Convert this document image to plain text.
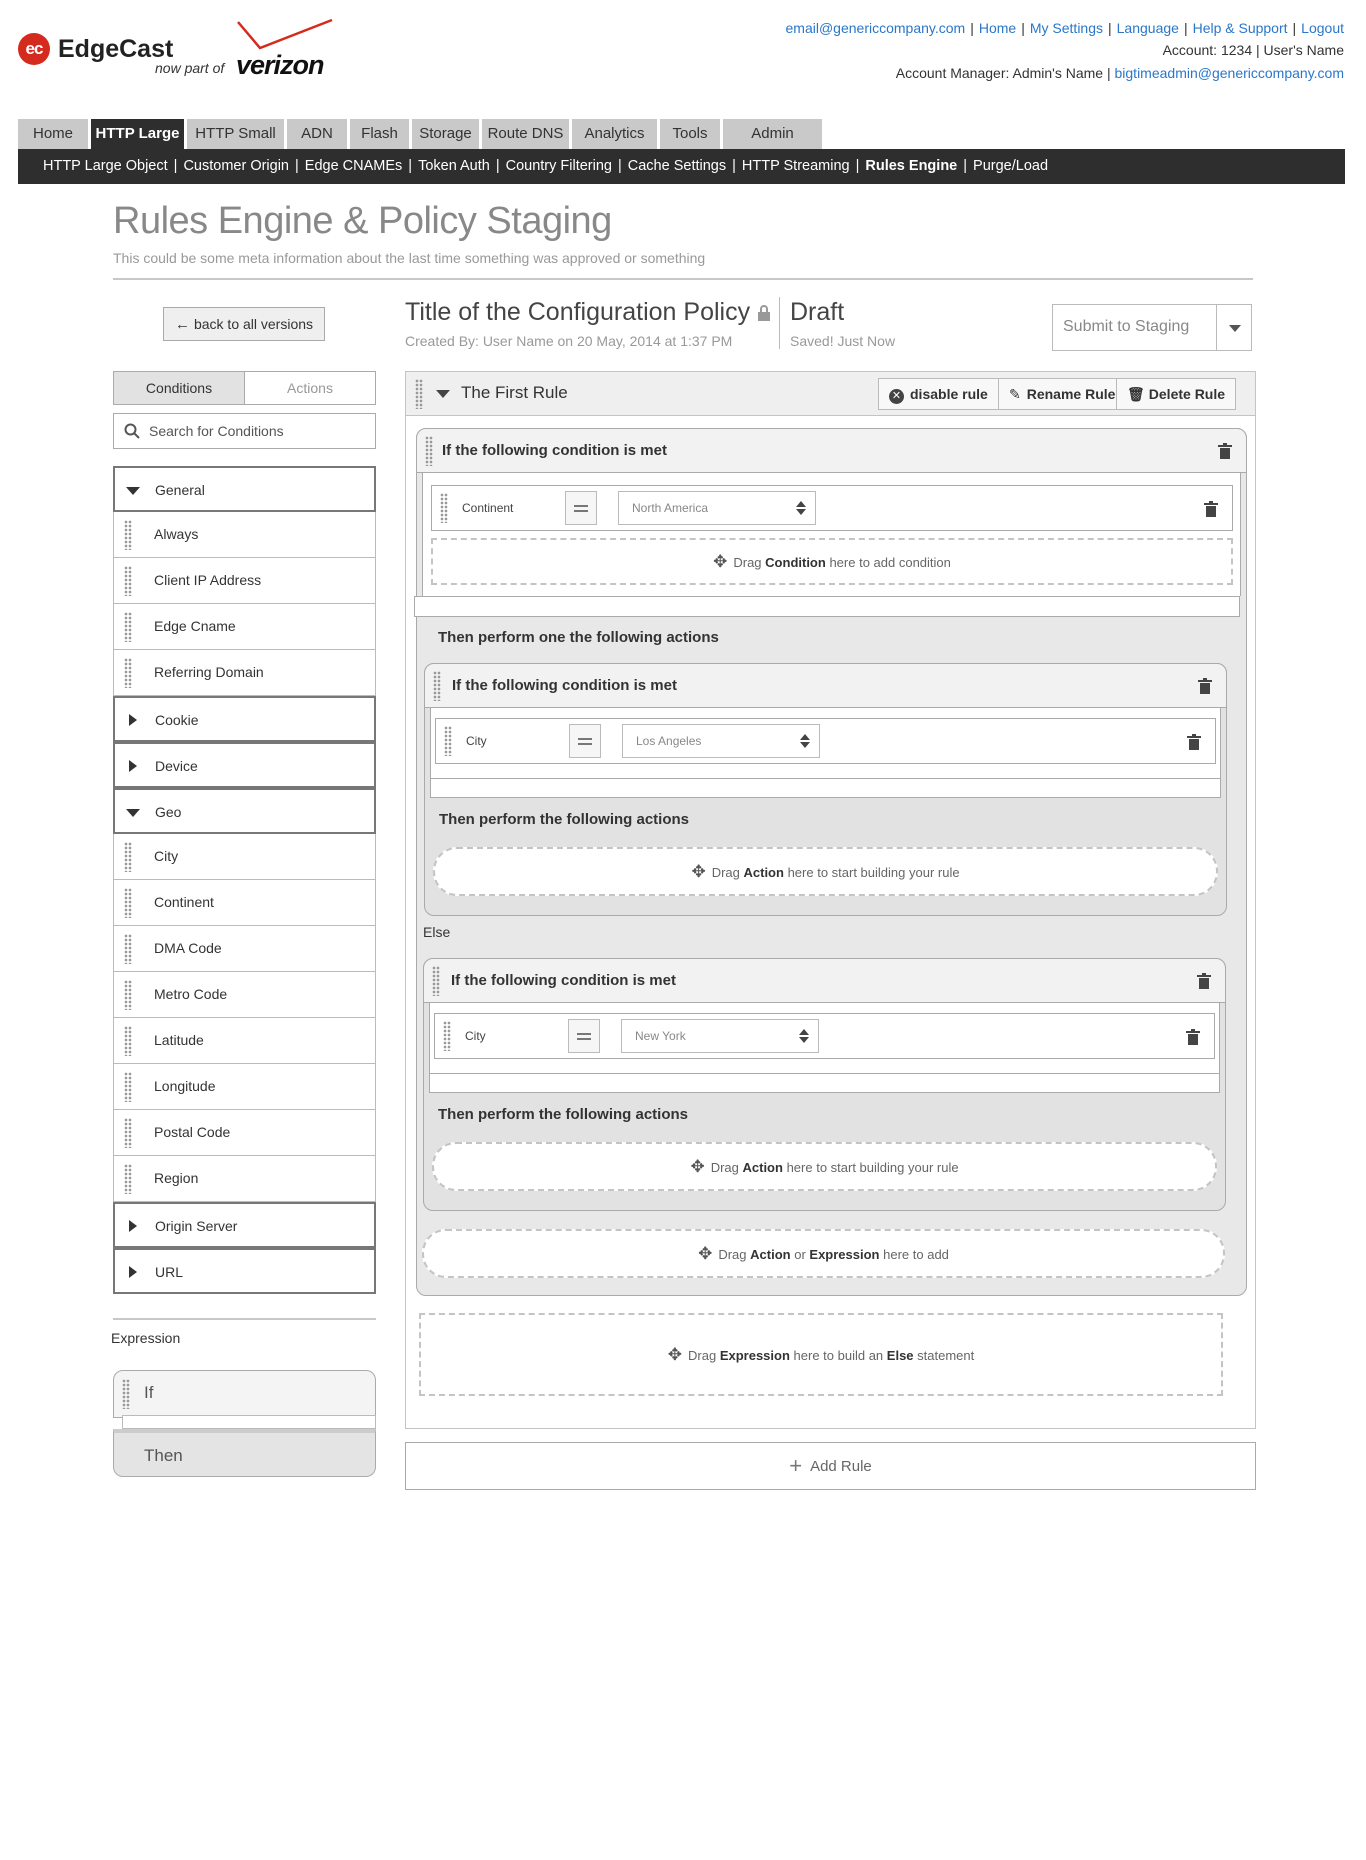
ec EdgeCast
now part of verizon
email@genericcompany.com | Home | My Settings | Language | Help & Support | Logout
Account: 1234 | User's Name
Account Manager: Admin's Name | bigtimeadmin@genericcompany.com
Home	HTTP Large	HTTP Small	ADN	Flash	Storage	Route DNS	Analytics	Tools	Admin
HTTP Large Object | Customer Origin | Edge CNAMEs | Token Auth | Country Filtering | Cache Settings | HTTP Streaming | Rules Engine | Purge/Load
Rules Engine & Policy Staging
This could be some meta information about the last time something was approved or something
← back to all versions	Title of the Configuration Policy
Created By: User Name on 20 May, 2014 at 1:37 PM
Draft
Saved! Just Now
Submit to Staging
Conditions	Actions
Search for Conditions
General
Always
Client IP Address
Edge Cname
Referring Domain
Cookie
Device
Geo
City
Continent
DMA Code
Metro Code
Latitude
Longitude
Postal Code
Region
Origin Server
URL
Expression
If
Then
The First Rule	✕ disable rule	✎ Rename Rule 🗑 Delete Rule
If the following condition is met
Continent	North America
✥ Drag Condition here to add condition
Then perform one the following actions
If the following condition is met
City	Los Angeles
Then perform the following actions
✥ Drag Action here to start building your rule
Else
If the following condition is met
City	New York
Then perform the following actions
✥ Drag Action here to start building your rule
✥ Drag Action or Expression here to add
✥ Drag Expression here to build an Else statement
+ Add Rule
